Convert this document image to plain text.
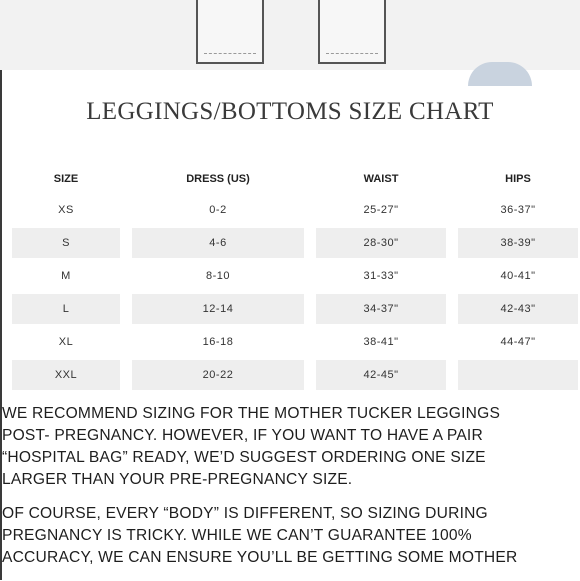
LEGGINGS/BOTTOMS SIZE CHART
SIZE	DRESS (US)	WAIST	HIPS
XS	0-2	25-27"	36-37"
S	4-6	28-30"	38-39"
M	8-10	31-33"	40-41"
L	12-14	34-37"	42-43"
XL	16-18	38-41"	44-47"
XXL	20-22	42-45"	

WE RECOMMEND SIZING FOR THE MOTHER TUCKER LEGGINGS
POST- PREGNANCY. HOWEVER, IF YOU WANT TO HAVE A PAIR
“HOSPITAL BAG” READY, WE’D SUGGEST ORDERING ONE SIZE
LARGER THAN YOUR PRE-PREGNANCY SIZE.

OF COURSE, EVERY “BODY” IS DIFFERENT, SO SIZING DURING
PREGNANCY IS TRICKY. WHILE WE CAN’T GUARANTEE 100%
ACCURACY, WE CAN ENSURE YOU’LL BE GETTING SOME MOTHER
